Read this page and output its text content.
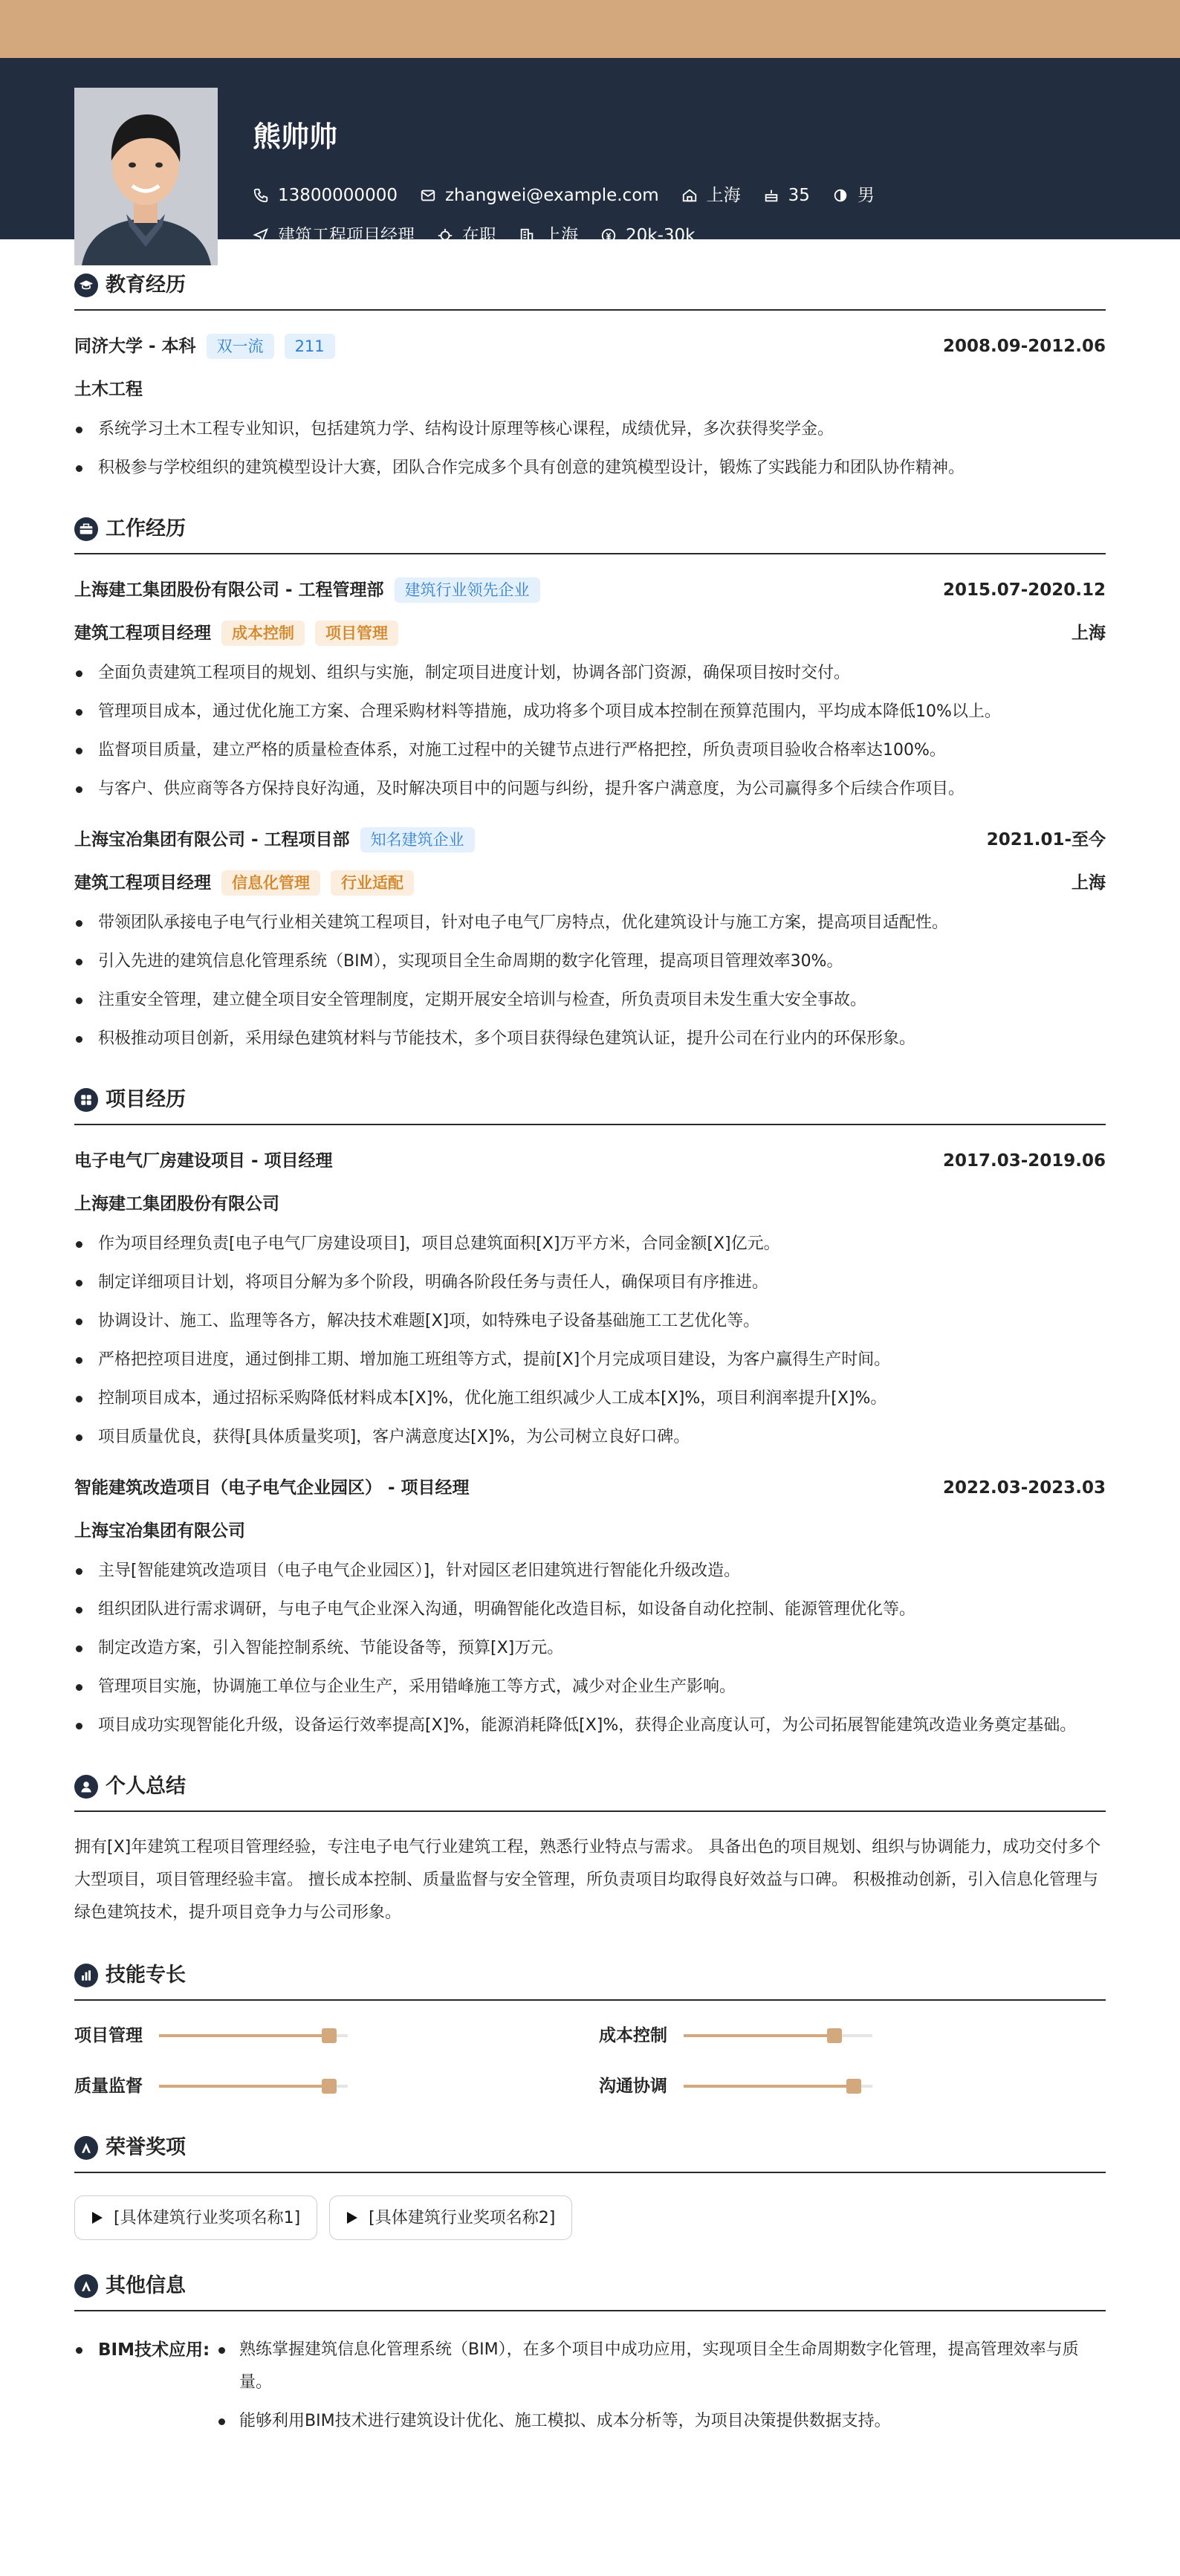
熊帅帅
13800000000	zhangwei@example.com	上海	35	男
建筑工程项目经理	在职	上海	20k-30k
教育经历
同济大学 - 本科	双一流	211	2008.09-2012.06
土木工程
系统学习土木工程专业知识，包括建筑力学、结构设计原理等核心课程，成绩优异，多次获得奖学金。
积极参与学校组织的建筑模型设计大赛，团队合作完成多个具有创意的建筑模型设计，锻炼了实践能力和团队协作精神。
工作经历
上海建工集团股份有限公司 - 工程管理部	建筑行业领先企业	2015.07-2020.12
建筑工程项目经理	成本控制	项目管理	上海
全面负责建筑工程项目的规划、组织与实施，制定项目进度计划，协调各部门资源，确保项目按时交付。
管理项目成本，通过优化施工方案、合理采购材料等措施，成功将多个项目成本控制在预算范围内，平均成本降低10%以上。
监督项目质量，建立严格的质量检查体系，对施工过程中的关键节点进行严格把控，所负责项目验收合格率达100%。
与客户、供应商等各方保持良好沟通，及时解决项目中的问题与纠纷，提升客户满意度，为公司赢得多个后续合作项目。
上海宝冶集团有限公司 - 工程项目部	知名建筑企业	2021.01-至今
建筑工程项目经理	信息化管理	行业适配	上海
带领团队承接电子电气行业相关建筑工程项目，针对电子电气厂房特点，优化建筑设计与施工方案，提高项目适配性。
引入先进的建筑信息化管理系统（BIM），实现项目全生命周期的数字化管理，提高项目管理效率30%。
注重安全管理，建立健全项目安全管理制度，定期开展安全培训与检查，所负责项目未发生重大安全事故。
积极推动项目创新，采用绿色建筑材料与节能技术，多个项目获得绿色建筑认证，提升公司在行业内的环保形象。
项目经历
电子电气厂房建设项目 - 项目经理	2017.03-2019.06
上海建工集团股份有限公司
作为项目经理负责[电子电气厂房建设项目]，项目总建筑面积[X]万平方米，合同金额[X]亿元。
制定详细项目计划，将项目分解为多个阶段，明确各阶段任务与责任人，确保项目有序推进。
协调设计、施工、监理等各方，解决技术难题[X]项，如特殊电子设备基础施工工艺优化等。
严格把控项目进度，通过倒排工期、增加施工班组等方式，提前[X]个月完成项目建设，为客户赢得生产时间。
控制项目成本，通过招标采购降低材料成本[X]%，优化施工组织减少人工成本[X]%，项目利润率提升[X]%。
项目质量优良，获得[具体质量奖项]，客户满意度达[X]%，为公司树立良好口碑。
智能建筑改造项目（电子电气企业园区） - 项目经理	2022.03-2023.03
上海宝冶集团有限公司
主导[智能建筑改造项目（电子电气企业园区）]，针对园区老旧建筑进行智能化升级改造。
组织团队进行需求调研，与电子电气企业深入沟通，明确智能化改造目标，如设备自动化控制、能源管理优化等。
制定改造方案，引入智能控制系统、节能设备等，预算[X]万元。
管理项目实施，协调施工单位与企业生产，采用错峰施工等方式，减少对企业生产影响。
项目成功实现智能化升级，设备运行效率提高[X]%，能源消耗降低[X]%，获得企业高度认可，为公司拓展智能建筑改造业务奠定基础。
个人总结

拥有[X]年建筑工程项目管理经验，专注电子电气行业建筑工程，熟悉行业特点与需求。 具备出色的项目规划、组织与协调能力，成功交付多个大型项目，项目管理经验丰富。 擅长成本控制、质量监督与安全管理，所负责项目均取得良好效益与口碑。 积极推动创新，引入信息化管理与绿色建筑技术，提升项目竞争力与公司形象。

技能专长
项目管理	成本控制
质量监督	沟通协调
荣誉奖项
[具体建筑行业奖项名称1]	[具体建筑行业奖项名称2]
其他信息
BIM技术应用:	熟练掌握建筑信息化管理系统（BIM），在多个项目中成功应用，实现项目全生命周期数字化管理，提高管理效率与质量。
能够利用BIM技术进行建筑设计优化、施工模拟、成本分析等，为项目决策提供数据支持。
